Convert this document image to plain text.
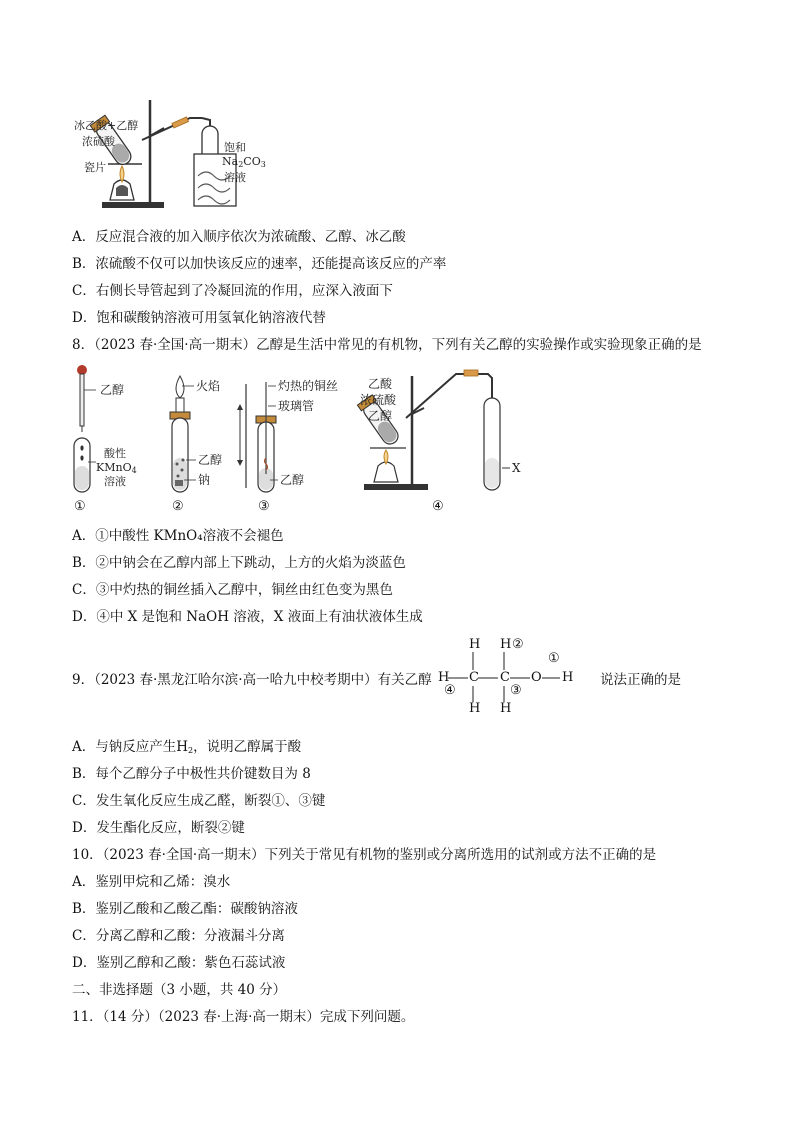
冰乙酸+乙醇
浓硫酸
瓷片
饱和
$Na_2CO_3$
溶液
A．反应混合液的加入顺序依次为浓硫酸、乙醇、冰乙酸
B．浓硫酸不仅可以加快该反应的速率，还能提高该反应的产率
C．右侧长导管起到了冷凝回流的作用，应深入液面下
D．饱和碳酸钠溶液可用氢氧化钠溶液代替
8．（2023 春·全国·高一期末）乙醇是生活中常见的有机物，下列有关乙醇的实验操作或实验现象正确的是
乙醇
酸性
KMnO$_4$
溶液
火焰
乙醇
钠
灼热的铜丝
玻璃管
乙醇
乙酸
浓硫酸
乙醇
X
①	②	③	④
A．①中酸性 KMnO₄溶液不会褪色
B．②中钠会在乙醇内部上下跳动，上方的火焰为淡蓝色
C．③中灼热的铜丝插入乙醇中，铜丝由红色变为黑色
D．④中 X 是饱和 NaOH 溶液，X 液面上有油状液体生成
9．（2023 春·黑龙江哈尔滨·高一哈九中校考期中）有关乙醇 H C C O H
H
H
H
H
②
①
③
④
说法正确的是
A．与钠反应产生$H_2$，说明乙醇属于酸
B．每个乙醇分子中极性共价键数目为 8
C．发生氧化反应生成乙醛，断裂①、③键
D．发生酯化反应，断裂②键
10．（2023 春·全国·高一期末）下列关于常见有机物的鉴别或分离所选用的试剂或方法不正确的是
A．鉴别甲烷和乙烯：溴水
B．鉴别乙酸和乙酸乙酯：碳酸钠溶液
C．分离乙醇和乙酸：分液漏斗分离
D．鉴别乙醇和乙酸：紫色石蕊试液
二、非选择题（3 小题，共 40 分）
11．（14 分）（2023 春·上海·高一期末）完成下列问题。
